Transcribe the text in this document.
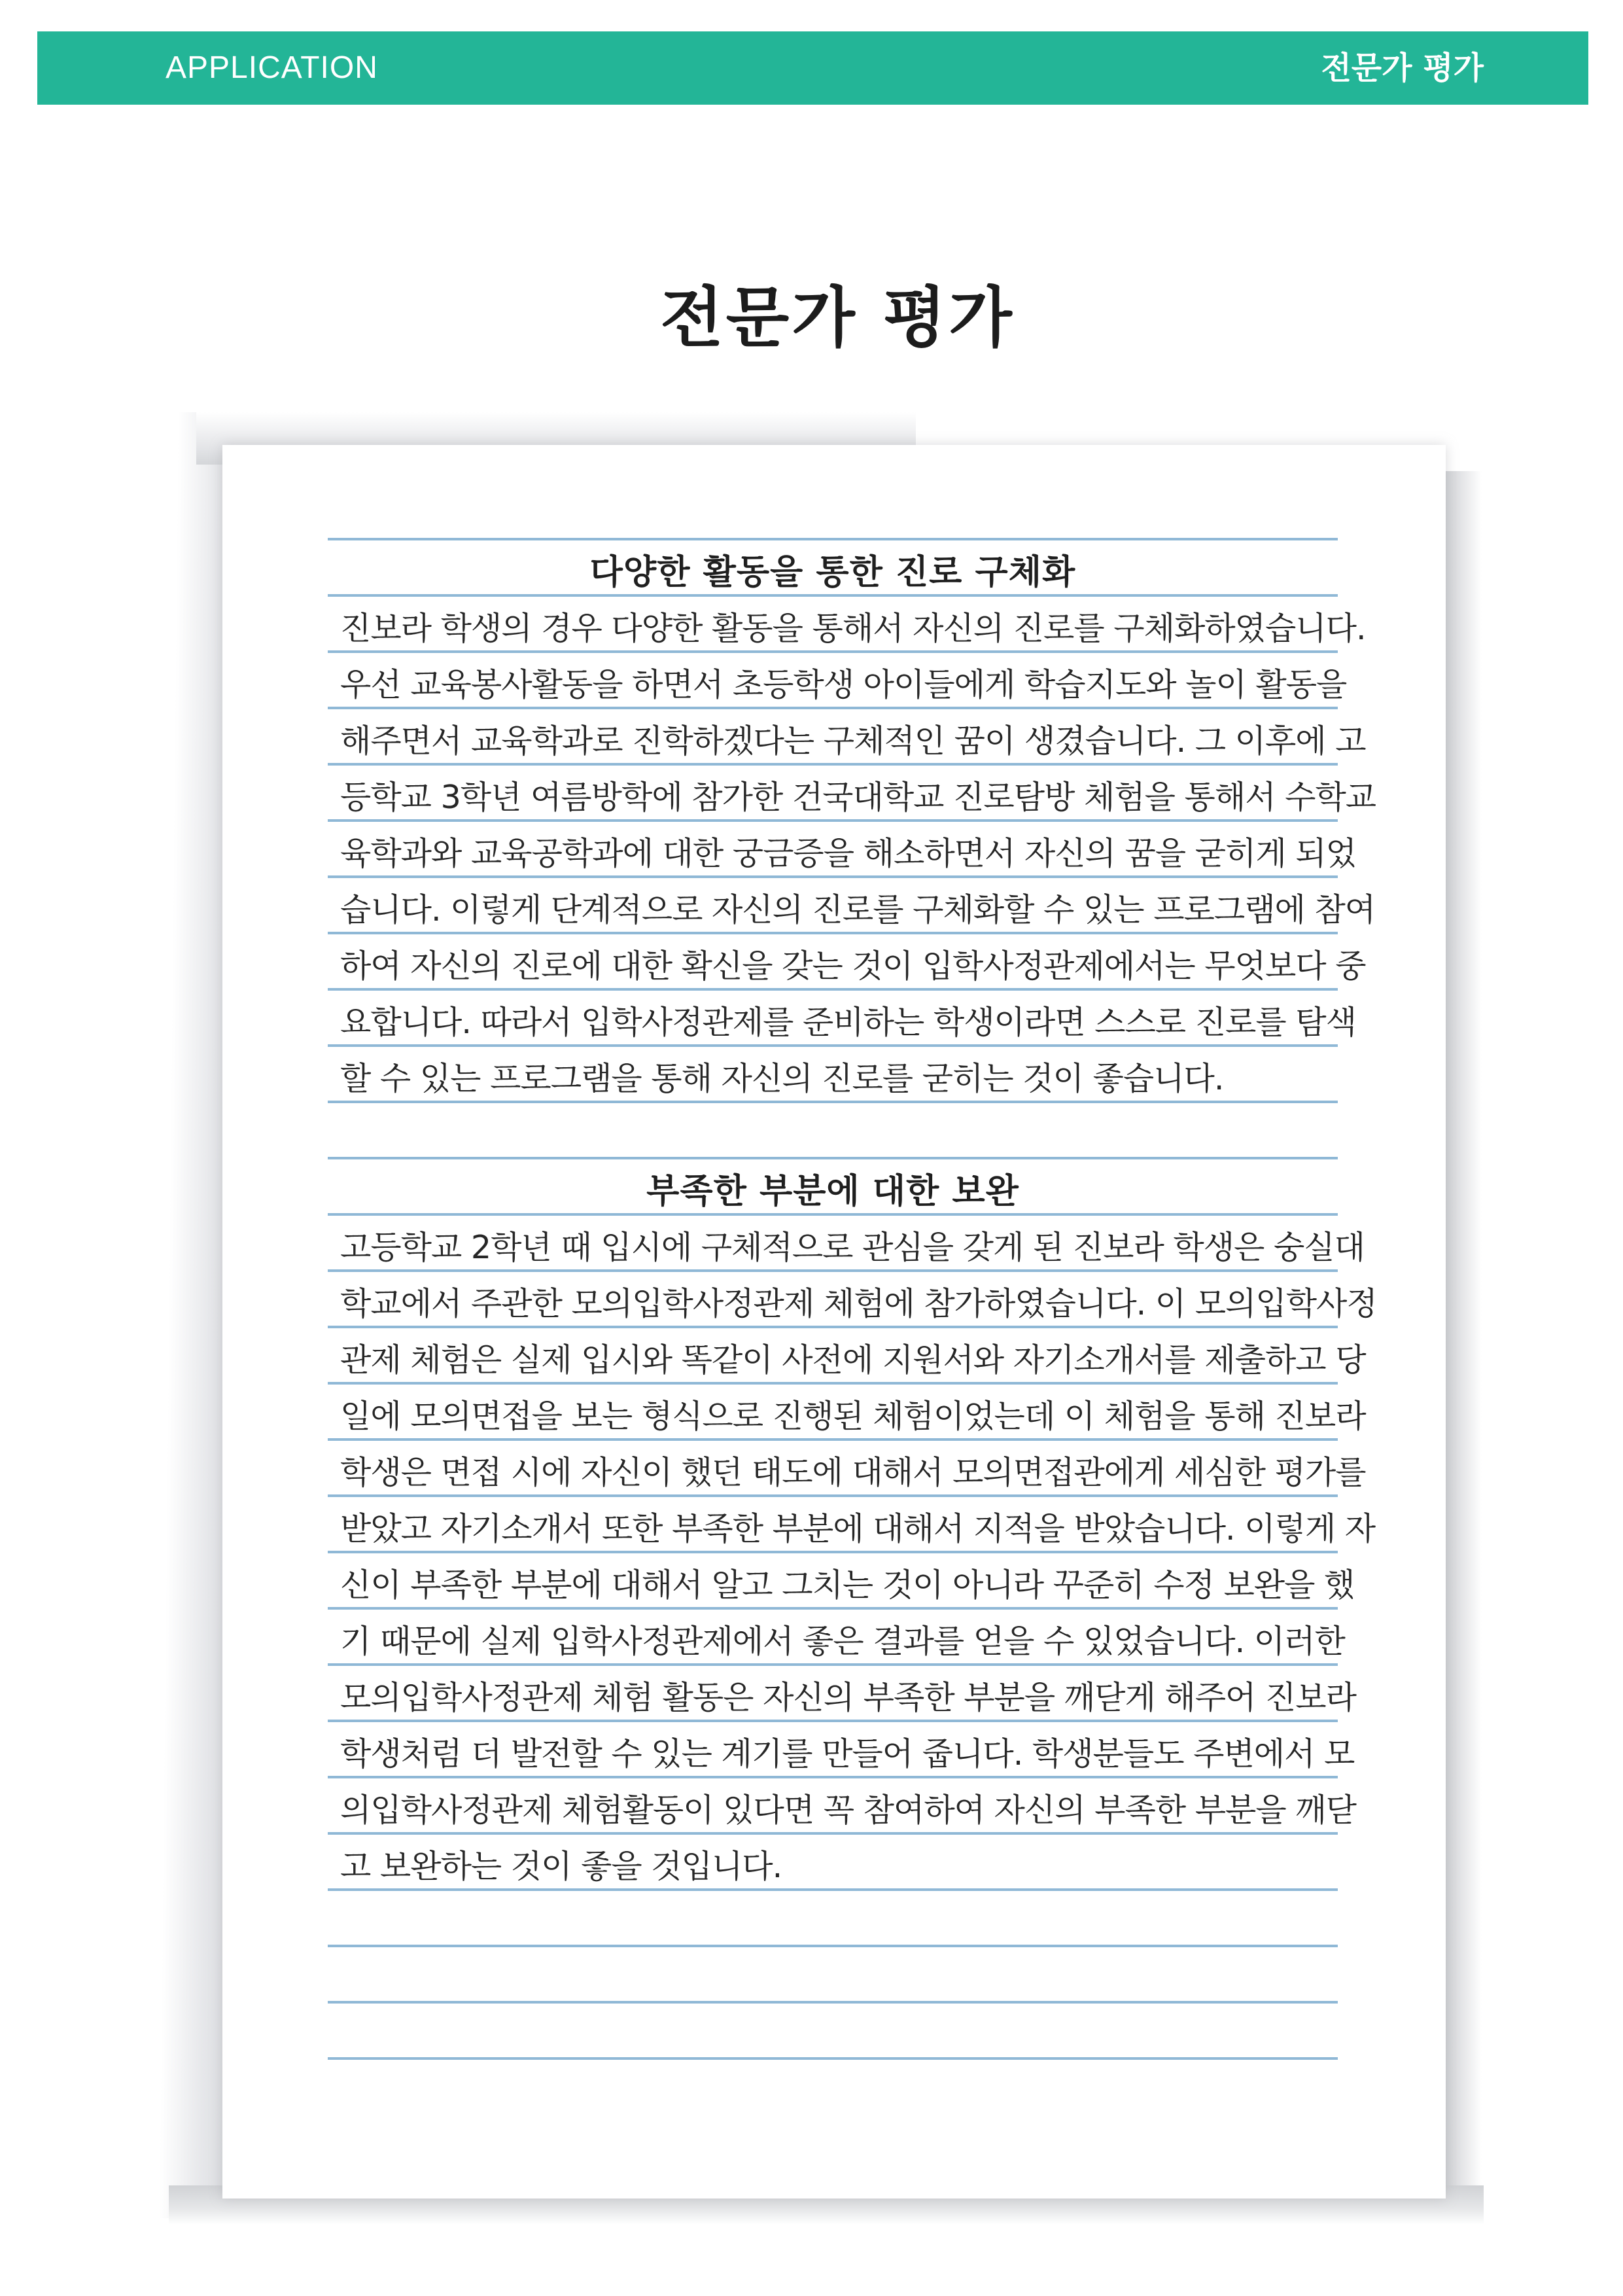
APPLICATION	전문가 평가
전문가 평가
다양한 활동을 통한 진로 구체화
진보라 학생의 경우 다양한 활동을 통해서 자신의 진로를 구체화하였습니다.
우선 교육봉사활동을 하면서 초등학생 아이들에게 학습지도와 놀이 활동을
해주면서 교육학과로 진학하겠다는 구체적인 꿈이 생겼습니다. 그 이후에 고
등학교 3학년 여름방학에 참가한 건국대학교 진로탐방 체험을 통해서 수학교
육학과와 교육공학과에 대한 궁금증을 해소하면서 자신의 꿈을 굳히게 되었
습니다. 이렇게 단계적으로 자신의 진로를 구체화할 수 있는 프로그램에 참여
하여 자신의 진로에 대한 확신을 갖는 것이 입학사정관제에서는 무엇보다 중
요합니다. 따라서 입학사정관제를 준비하는 학생이라면 스스로 진로를 탐색
할 수 있는 프로그램을 통해 자신의 진로를 굳히는 것이 좋습니다.
부족한 부분에 대한 보완
고등학교 2학년 때 입시에 구체적으로 관심을 갖게 된 진보라 학생은 숭실대
학교에서 주관한 모의입학사정관제 체험에 참가하였습니다. 이 모의입학사정
관제 체험은 실제 입시와 똑같이 사전에 지원서와 자기소개서를 제출하고 당
일에 모의면접을 보는 형식으로 진행된 체험이었는데 이 체험을 통해 진보라
학생은 면접 시에 자신이 했던 태도에 대해서 모의면접관에게 세심한 평가를
받았고 자기소개서 또한 부족한 부분에 대해서 지적을 받았습니다. 이렇게 자
신이 부족한 부분에 대해서 알고 그치는 것이 아니라 꾸준히 수정 보완을 했
기 때문에 실제 입학사정관제에서 좋은 결과를 얻을 수 있었습니다. 이러한
모의입학사정관제 체험 활동은 자신의 부족한 부분을 깨닫게 해주어 진보라
학생처럼 더 발전할 수 있는 계기를 만들어 줍니다. 학생분들도 주변에서 모
의입학사정관제 체험활동이 있다면 꼭 참여하여 자신의 부족한 부분을 깨닫
고 보완하는 것이 좋을 것입니다.
